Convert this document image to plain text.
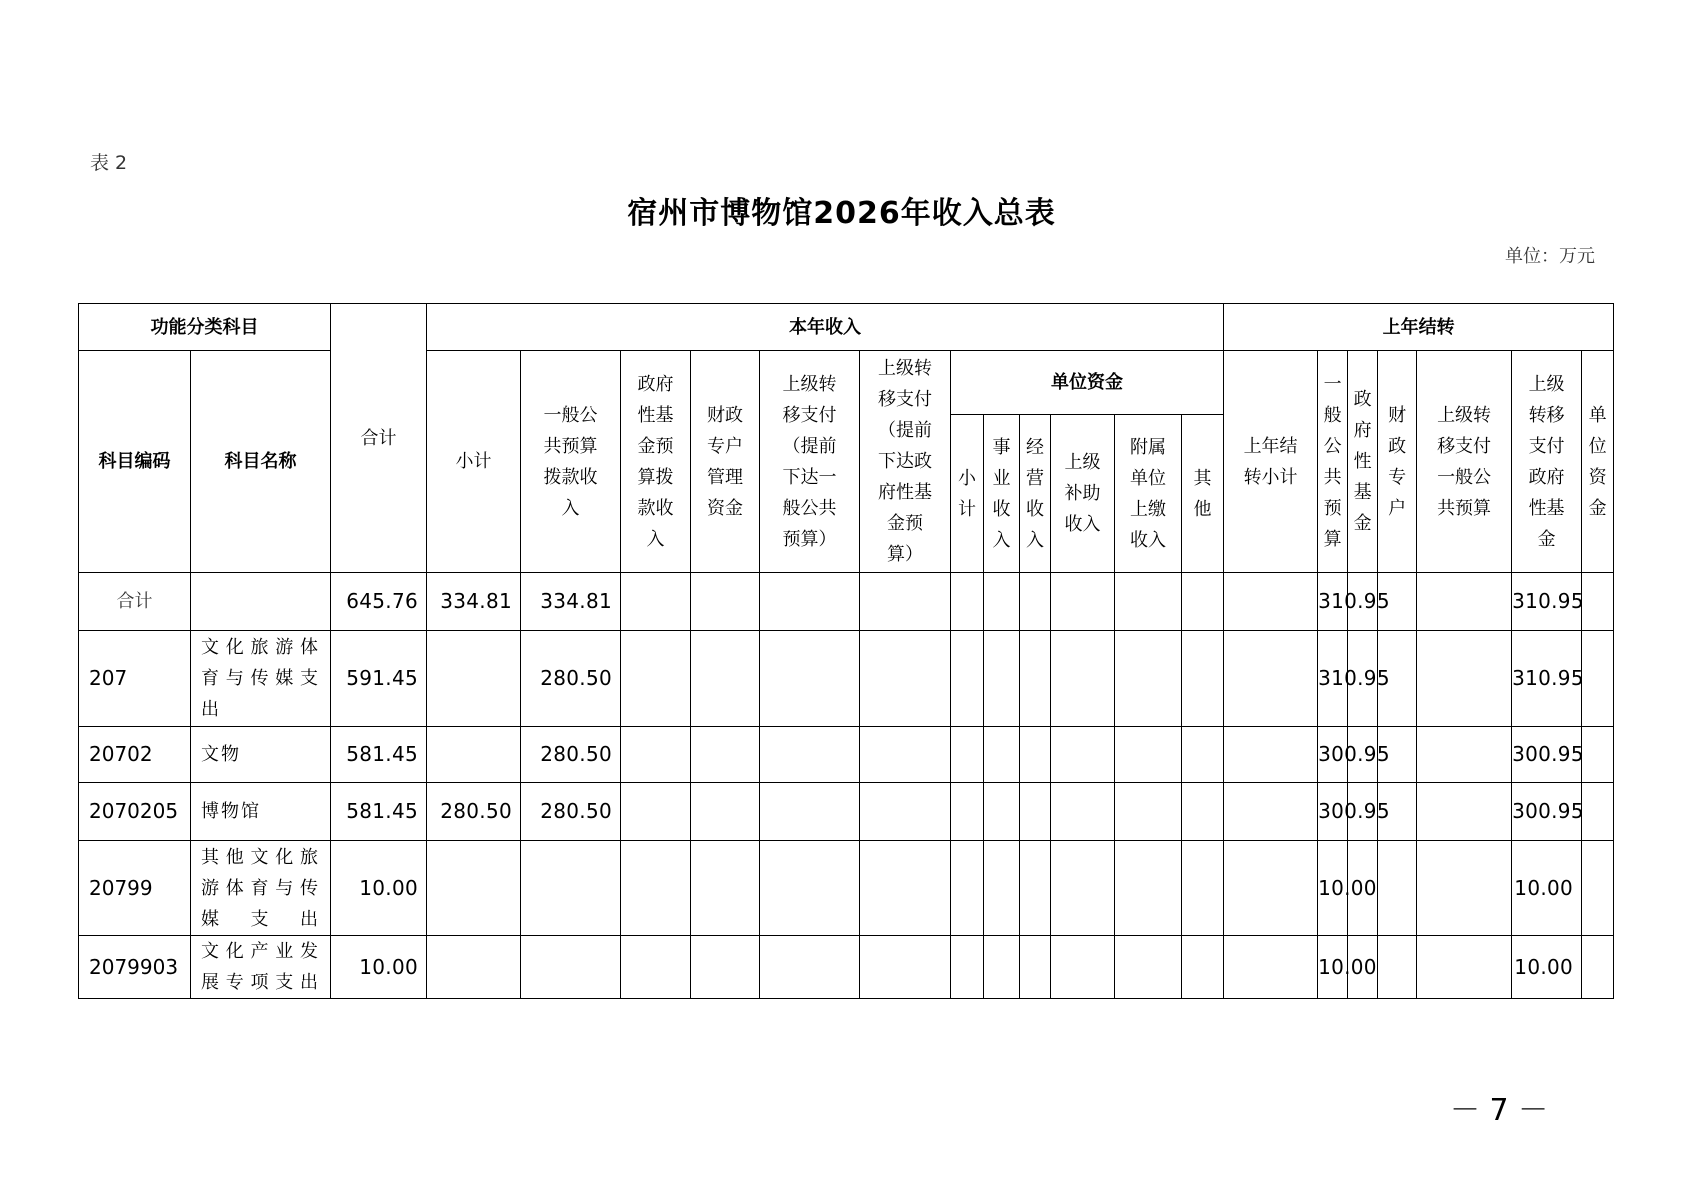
表 2
宿州市博物馆2026年收入总表
单位：万元
功能分类科目		合计	本年收入												上年结转							
科目编码	科目名称		小计	一般公共预算拨款收入	政府性基金预算拨款收入	财政专户管理资金	上级转移支付（提前下达一般公共预算）	上级转移支付（提前下达政府性基金预算）	单位资金						上年结转小计	一般公共预算	政府性基金	财政专户	上级转移支付一般公共预算	上级转移支付政府性基金	单位资金	

									小计	事业收入	经营收入	上级补助收入	附属单位上缴收入	其他								

合计		645.76	334.81	334.81												310.95				310.95		
207	文化旅游体育与传媒支出	591.45		280.50												310.95				310.95		
20702	文物	581.45		280.50												300.95				300.95		
2070205	博物馆	581.45	280.50	280.50												300.95				300.95		
20799	其他文化旅游体育与传媒支出	10.00														10.00				10.00		
2079903	文化产业发展专项支出	10.00														10.00				10.00		
－ 7 －
